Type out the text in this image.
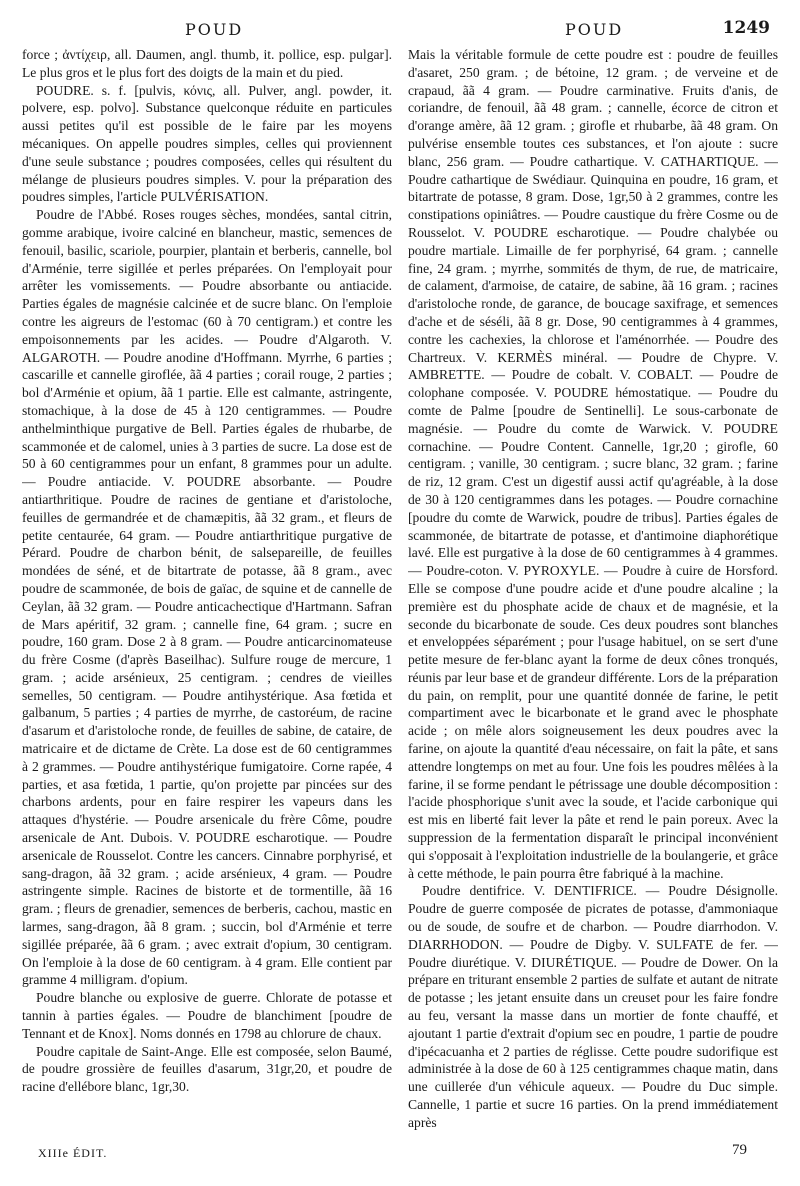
POUD	POUD	1249

force ; ἀντίχειρ, all. Daumen, angl. thumb, it. pollice, esp. pulgar]. Le plus gros et le plus fort des doigts de la main et du pied.

POUDRE. s. f. [pulvis, κόνις, all. Pulver, angl. powder, it. polvere, esp. polvo]. Substance quelconque réduite en particules aussi petites qu'il est possible de le faire par les moyens mécaniques. On appelle poudres simples, celles qui proviennent d'une seule substance ; poudres composées, celles qui résultent du mélange de plusieurs poudres simples. V. pour la préparation des poudres simples, l'article PULVÉRISATION.

Poudre de l'Abbé. Roses rouges sèches, mondées, santal citrin, gomme arabique, ivoire calciné en blancheur, mastic, semences de fenouil, basilic, scariole, pourpier, plantain et berberis, cannelle, bol d'Arménie, terre sigillée et perles préparées. On l'employait pour arrêter les vomissements. — Poudre absorbante ou antiacide. Parties égales de magnésie calcinée et de sucre blanc. On l'emploie contre les aigreurs de l'estomac (60 à 70 centigram.) et contre les empoisonnements par les acides. — Poudre d'Algaroth. V. ALGAROTH. — Poudre anodine d'Hoffmann. Myrrhe, 6 parties ; cascarille et cannelle giroflée, ãã 4 parties ; corail rouge, 2 parties ; bol d'Arménie et opium, ãã 1 partie. Elle est calmante, astringente, stomachique, à la dose de 45 à 120 centigrammes. — Poudre anthelminthique purgative de Bell. Parties égales de rhubarbe, de scammonée et de calomel, unies à 3 parties de sucre. La dose est de 50 à 60 centigrammes pour un enfant, 8 grammes pour un adulte. — Poudre antiacide. V. POUDRE absorbante. — Poudre antiarthritique. Poudre de racines de gentiane et d'aristoloche, feuilles de germandrée et de chamæpitis, ãã 32 gram., et fleurs de petite centaurée, 64 gram. — Poudre antiarthritique purgative de Pérard. Poudre de charbon bénit, de salsepareille, de feuilles mondées de séné, et de bitartrate de potasse, ãã 8 gram., avec poudre de scammonée, de bois de gaïac, de squine et de cannelle de Ceylan, ãã 32 gram. — Poudre anticachectique d'Hartmann. Safran de Mars apéritif, 32 gram. ; cannelle fine, 64 gram. ; sucre en poudre, 160 gram. Dose 2 à 8 gram. — Poudre anticarcinomateuse du frère Cosme (d'après Baseilhac). Sulfure rouge de mercure, 1 gram. ; acide arsénieux, 25 centigram. ; cendres de vieilles semelles, 50 centigram. — Poudre antihystérique. Asa fœtida et galbanum, 5 parties ; 4 parties de myrrhe, de castoréum, de racine d'asarum et d'aristoloche ronde, de feuilles de sabine, de cataire, de matricaire et de dictame de Crète. La dose est de 60 centigrammes à 2 grammes. — Poudre antihystérique fumigatoire. Corne rapée, 4 parties, et asa fœtida, 1 partie, qu'on projette par pincées sur des charbons ardents, pour en faire respirer les vapeurs dans les attaques d'hystérie. — Poudre arsenicale du frère Côme, poudre arsenicale de Ant. Dubois. V. POUDRE escharotique. — Poudre arsenicale de Rousselot. Contre les cancers. Cinnabre porphyrisé, et sang-dragon, ãã 32 gram. ; acide arsénieux, 4 gram. — Poudre astringente simple. Racines de bistorte et de tormentille, ãã 16 gram. ; fleurs de grenadier, semences de berberis, cachou, mastic en larmes, sang-dragon, ãã 8 gram. ; succin, bol d'Arménie et terre sigillée préparée, ãã 6 gram. ; avec extrait d'opium, 30 centigram. On l'emploie à la dose de 60 centigram. à 4 gram. Elle contient par gramme 4 milligram. d'opium.

Poudre blanche ou explosive de guerre. Chlorate de potasse et tannin à parties égales. — Poudre de blanchiment [poudre de Tennant et de Knox]. Noms donnés en 1798 au chlorure de chaux.

Poudre capitale de Saint-Ange. Elle est composée, selon Baumé, de poudre grossière de feuilles d'asarum, 31gr,20, et poudre de racine d'ellébore blanc, 1gr,30.

Mais la véritable formule de cette poudre est : poudre de feuilles d'asaret, 250 gram. ; de bétoine, 12 gram. ; de verveine et de crapaud, ãã 4 gram. — Poudre carminative. Fruits d'anis, de coriandre, de fenouil, ãã 48 gram. ; cannelle, écorce de citron et d'orange amère, ãã 12 gram. ; girofle et rhubarbe, ãã 48 gram. On pulvérise ensemble toutes ces substances, et l'on ajoute : sucre blanc, 256 gram. — Poudre cathartique. V. CATHARTIQUE. — Poudre cathartique de Swédiaur. Quinquina en poudre, 16 gram, et bitartrate de potasse, 8 gram. Dose, 1gr,50 à 2 grammes, contre les constipations opiniâtres. — Poudre caustique du frère Cosme ou de Rousselot. V. POUDRE escharotique. — Poudre chalybée ou poudre martiale. Limaille de fer porphyrisé, 64 gram. ; cannelle fine, 24 gram. ; myrrhe, sommités de thym, de rue, de matricaire, de calament, d'armoise, de cataire, de sabine, ãã 16 gram. ; racines d'aristoloche ronde, de garance, de boucage saxifrage, et semences d'ache et de séséli, ãã 8 gr. Dose, 90 centigrammes à 4 grammes, contre les cachexies, la chlorose et l'aménorrhée. — Poudre des Chartreux. V. KERMÈS minéral. — Poudre de Chypre. V. AMBRETTE. — Poudre de cobalt. V. COBALT. — Poudre de colophane composée. V. POUDRE hémostatique. — Poudre du comte de Palme [poudre de Sentinelli]. Le sous-carbonate de magnésie. — Poudre du comte de Warwick. V. POUDRE cornachine. — Poudre Content. Cannelle, 1gr,20 ; girofle, 60 centigram. ; vanille, 30 centigram. ; sucre blanc, 32 gram. ; farine de riz, 12 gram. C'est un digestif aussi actif qu'agréable, à la dose de 30 à 120 centigrammes dans les potages. — Poudre cornachine [poudre du comte de Warwick, poudre de tribus]. Parties égales de scammonée, de bitartrate de potasse, et d'antimoine diaphorétique lavé. Elle est purgative à la dose de 60 centigrammes à 4 grammes. — Poudre-coton. V. PYROXYLE. — Poudre à cuire de Horsford. Elle se compose d'une poudre acide et d'une poudre alcaline ; la première est du phosphate acide de chaux et de magnésie, et la seconde du bicarbonate de soude. Ces deux poudres sont blanches et enveloppées séparément ; pour l'usage habituel, on se sert d'une petite mesure de fer-blanc ayant la forme de deux cônes tronqués, réunis par leur base et de grandeur différente. Lors de la préparation du pain, on remplit, pour une quantité donnée de farine, le petit compartiment avec le bicarbonate et le grand avec le phosphate acide ; on mêle alors soigneusement les deux poudres avec la farine, on ajoute la quantité d'eau nécessaire, on fait la pâte, et sans attendre longtemps on met au four. Une fois les poudres mêlées à la farine, il se forme pendant le pétrissage une double décomposition : l'acide phosphorique s'unit avec la soude, et l'acide carbonique qui est mis en liberté fait lever la pâte et rend le pain poreux. Avec la suppression de la fermentation disparaît le principal inconvénient qui s'opposait à l'exploitation industrielle de la boulangerie, et grâce à cette méthode, le pain pourra être fabriqué à la machine.

Poudre dentifrice. V. DENTIFRICE. — Poudre Désignolle. Poudre de guerre composée de picrates de potasse, d'ammoniaque ou de soude, de soufre et de charbon. — Poudre diarrhodon. V. DIARRHODON. — Poudre de Digby. V. SULFATE de fer. — Poudre diurétique. V. DIURÉTIQUE. — Poudre de Dower. On la prépare en triturant ensemble 2 parties de sulfate et autant de nitrate de potasse ; les jetant ensuite dans un creuset pour les faire fondre au feu, versant la masse dans un mortier de fonte chauffé, et ajoutant 1 partie d'extrait d'opium sec en poudre, 1 partie de poudre d'ipécacuanha et 2 parties de réglisse. Cette poudre sudorifique est administrée à la dose de 60 à 125 centigrammes chaque matin, dans une cuillerée d'un véhicule aqueux. — Poudre du Duc simple. Cannelle, 1 partie et sucre 16 parties. On la prend immédiatement après

XIIIe ÉDIT.	79
